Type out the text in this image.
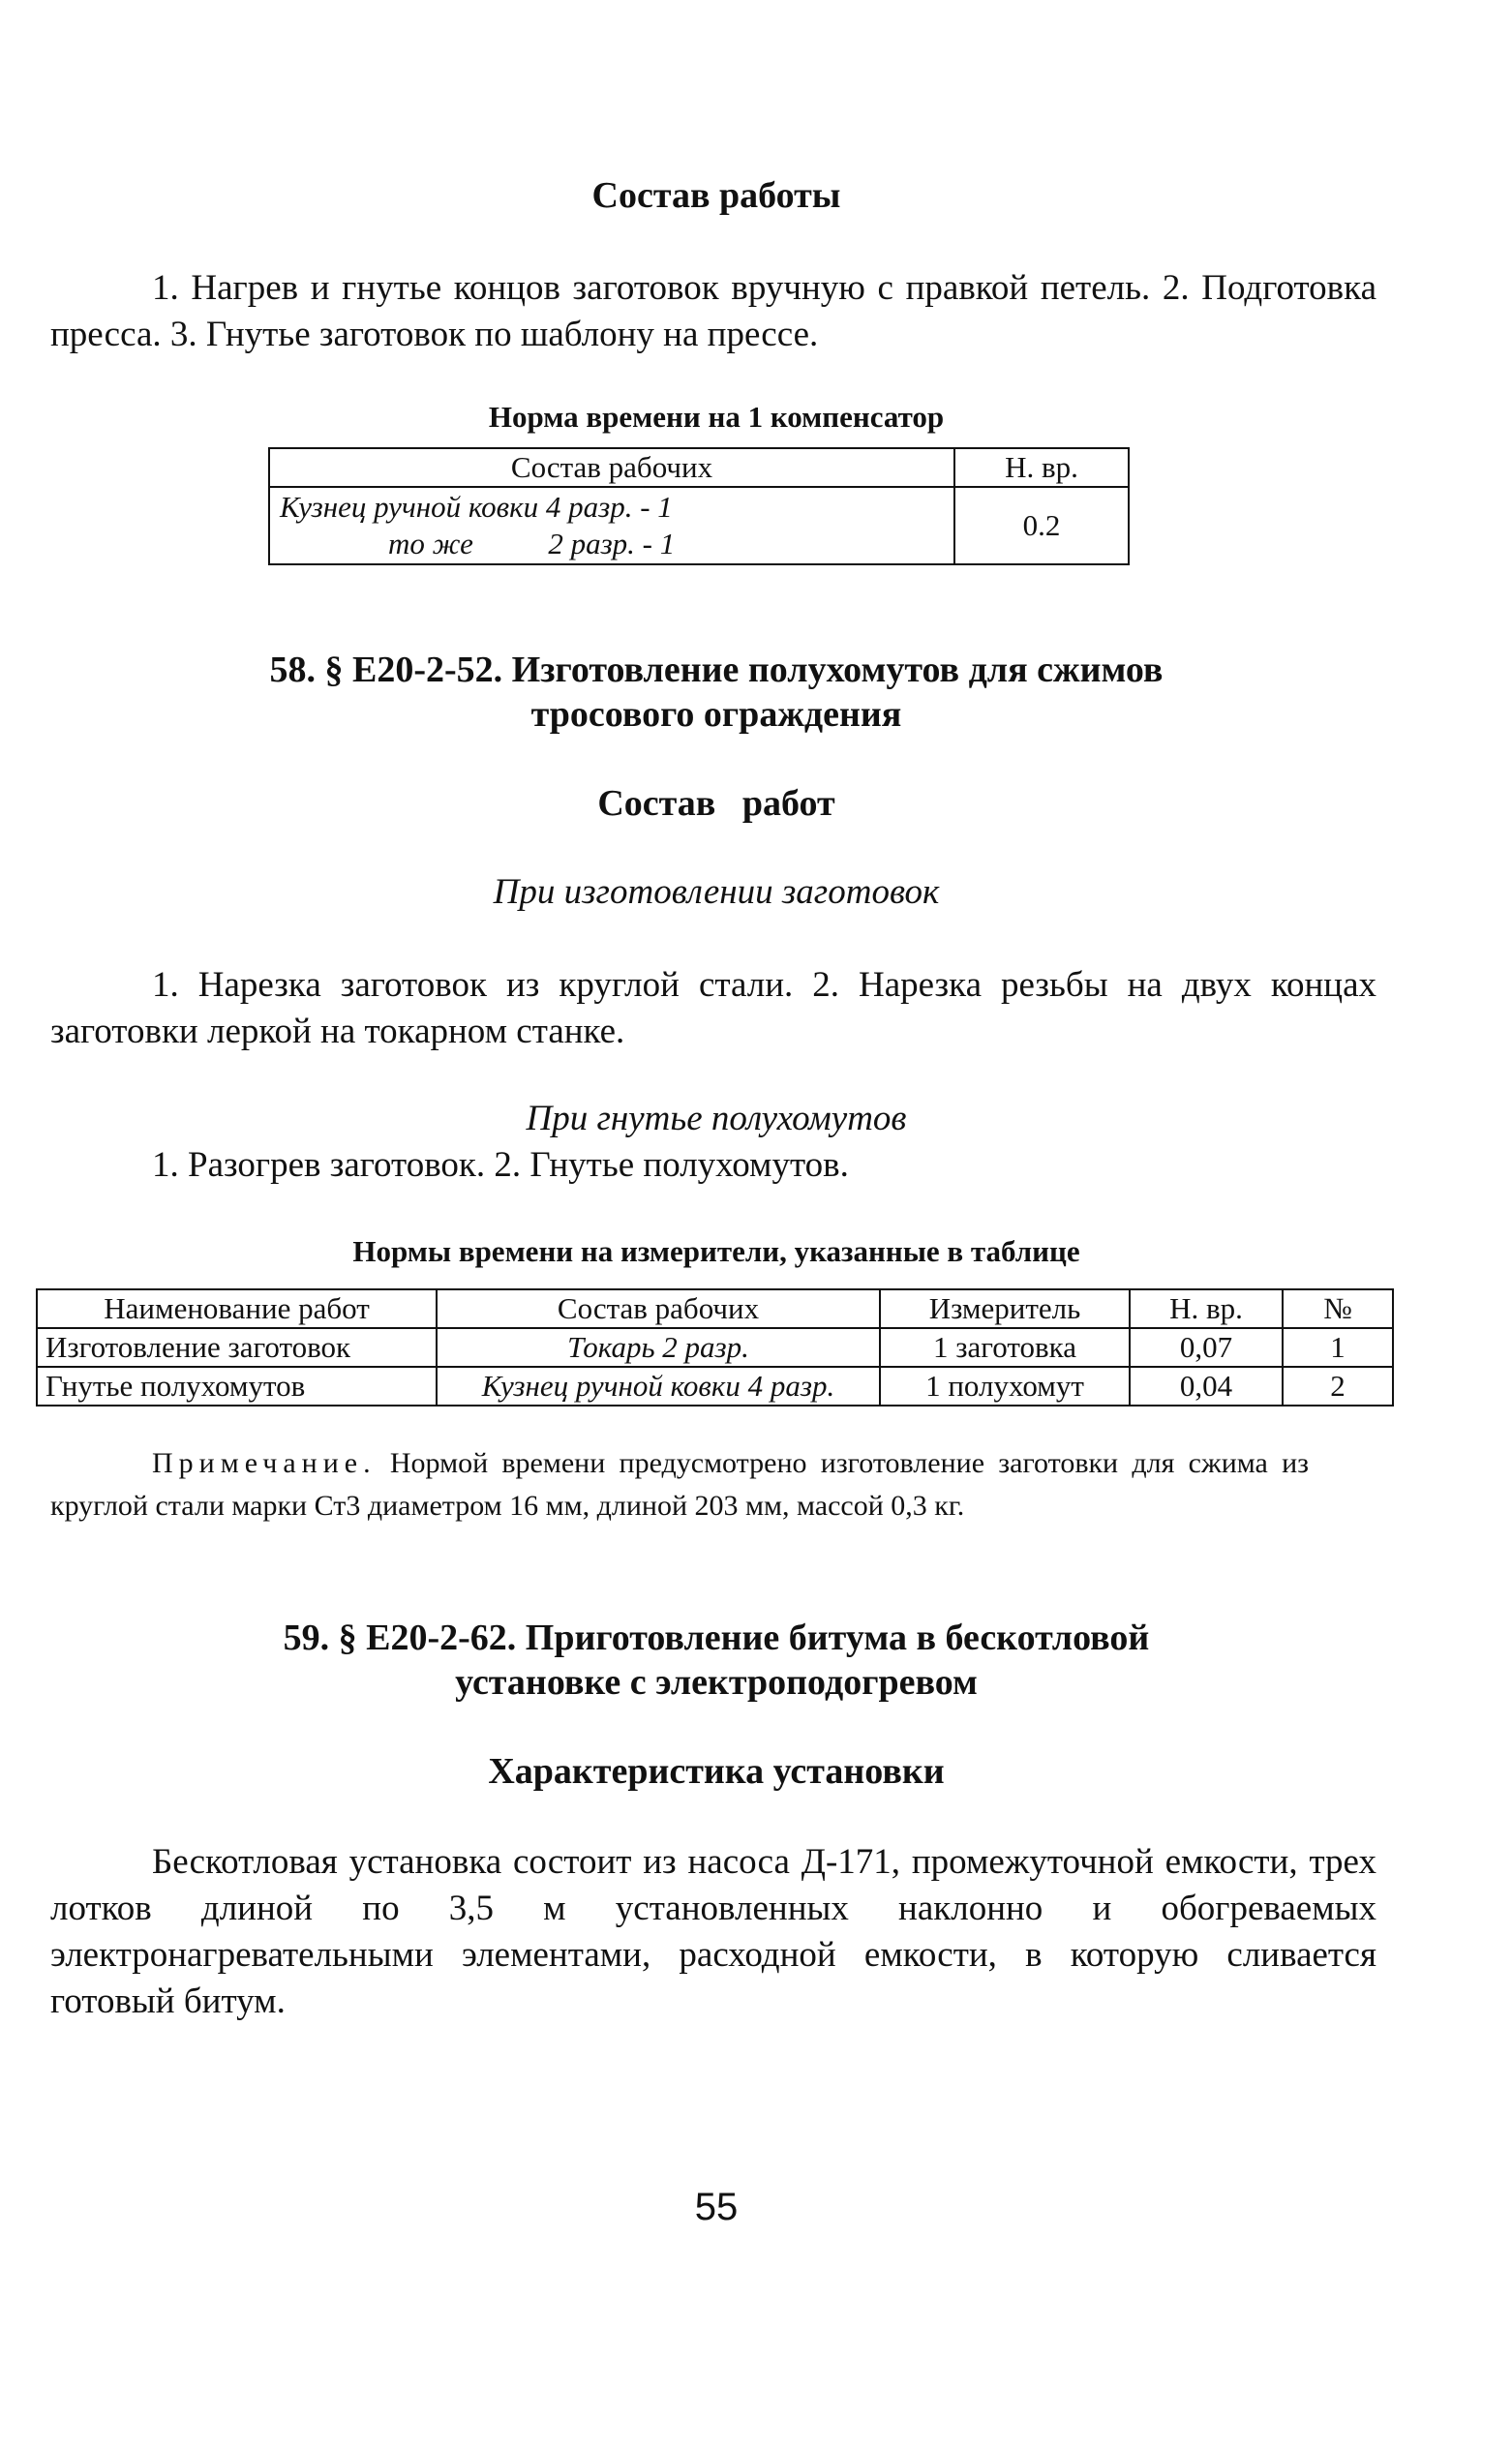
Состав работы
1. Нагрев и гнутье концов заготовок вручную с правкой петель. 2. Подготовка пресса. 3. Гнутье заготовок по шаблону на прессе.
Норма времени на 1 компенсатор
Состав рабочих	Н. вр.

Кузнец ручной ковки 4 разр. - 1
то же          2 разр. - 1	0.2
58. § Е20-2-52. Изготовление полухомутов для сжимов
тросового ограждения
Состав работ
При изготовлении заготовок
1. Нарезка заготовок из круглой стали. 2. Нарезка резьбы на двух концах заготовки леркой на токарном станке.
При гнутье полухомутов
1. Разогрев заготовок. 2. Гнутье полухомутов.
Нормы времени на измерители, указанные в таблице
Наименование работ	Состав рабочих	Измеритель	Н. вр.	№
Изготовление заготовок	Токарь 2 разр.	1 заготовка	0,07	1
Гнутье полухомутов	Кузнец ручной ковки 4 разр.	1 полухомут	0,04	2
Примечание. Нормой времени предусмотрено изготовление заготовки для сжима из круглой стали марки Ст3 диаметром 16 мм, длиной 203 мм, массой 0,3 кг.
59. § Е20-2-62. Приготовление битума в бескотловой
установке с электроподогревом
Характеристика установки
Бескотловая установка состоит из насоса Д-171, промежуточной емкости, трех лотков длиной по 3,5 м установленных наклонно и обогреваемых электронагревательными элементами, расходной емкости, в которую сливается готовый битум.
55
